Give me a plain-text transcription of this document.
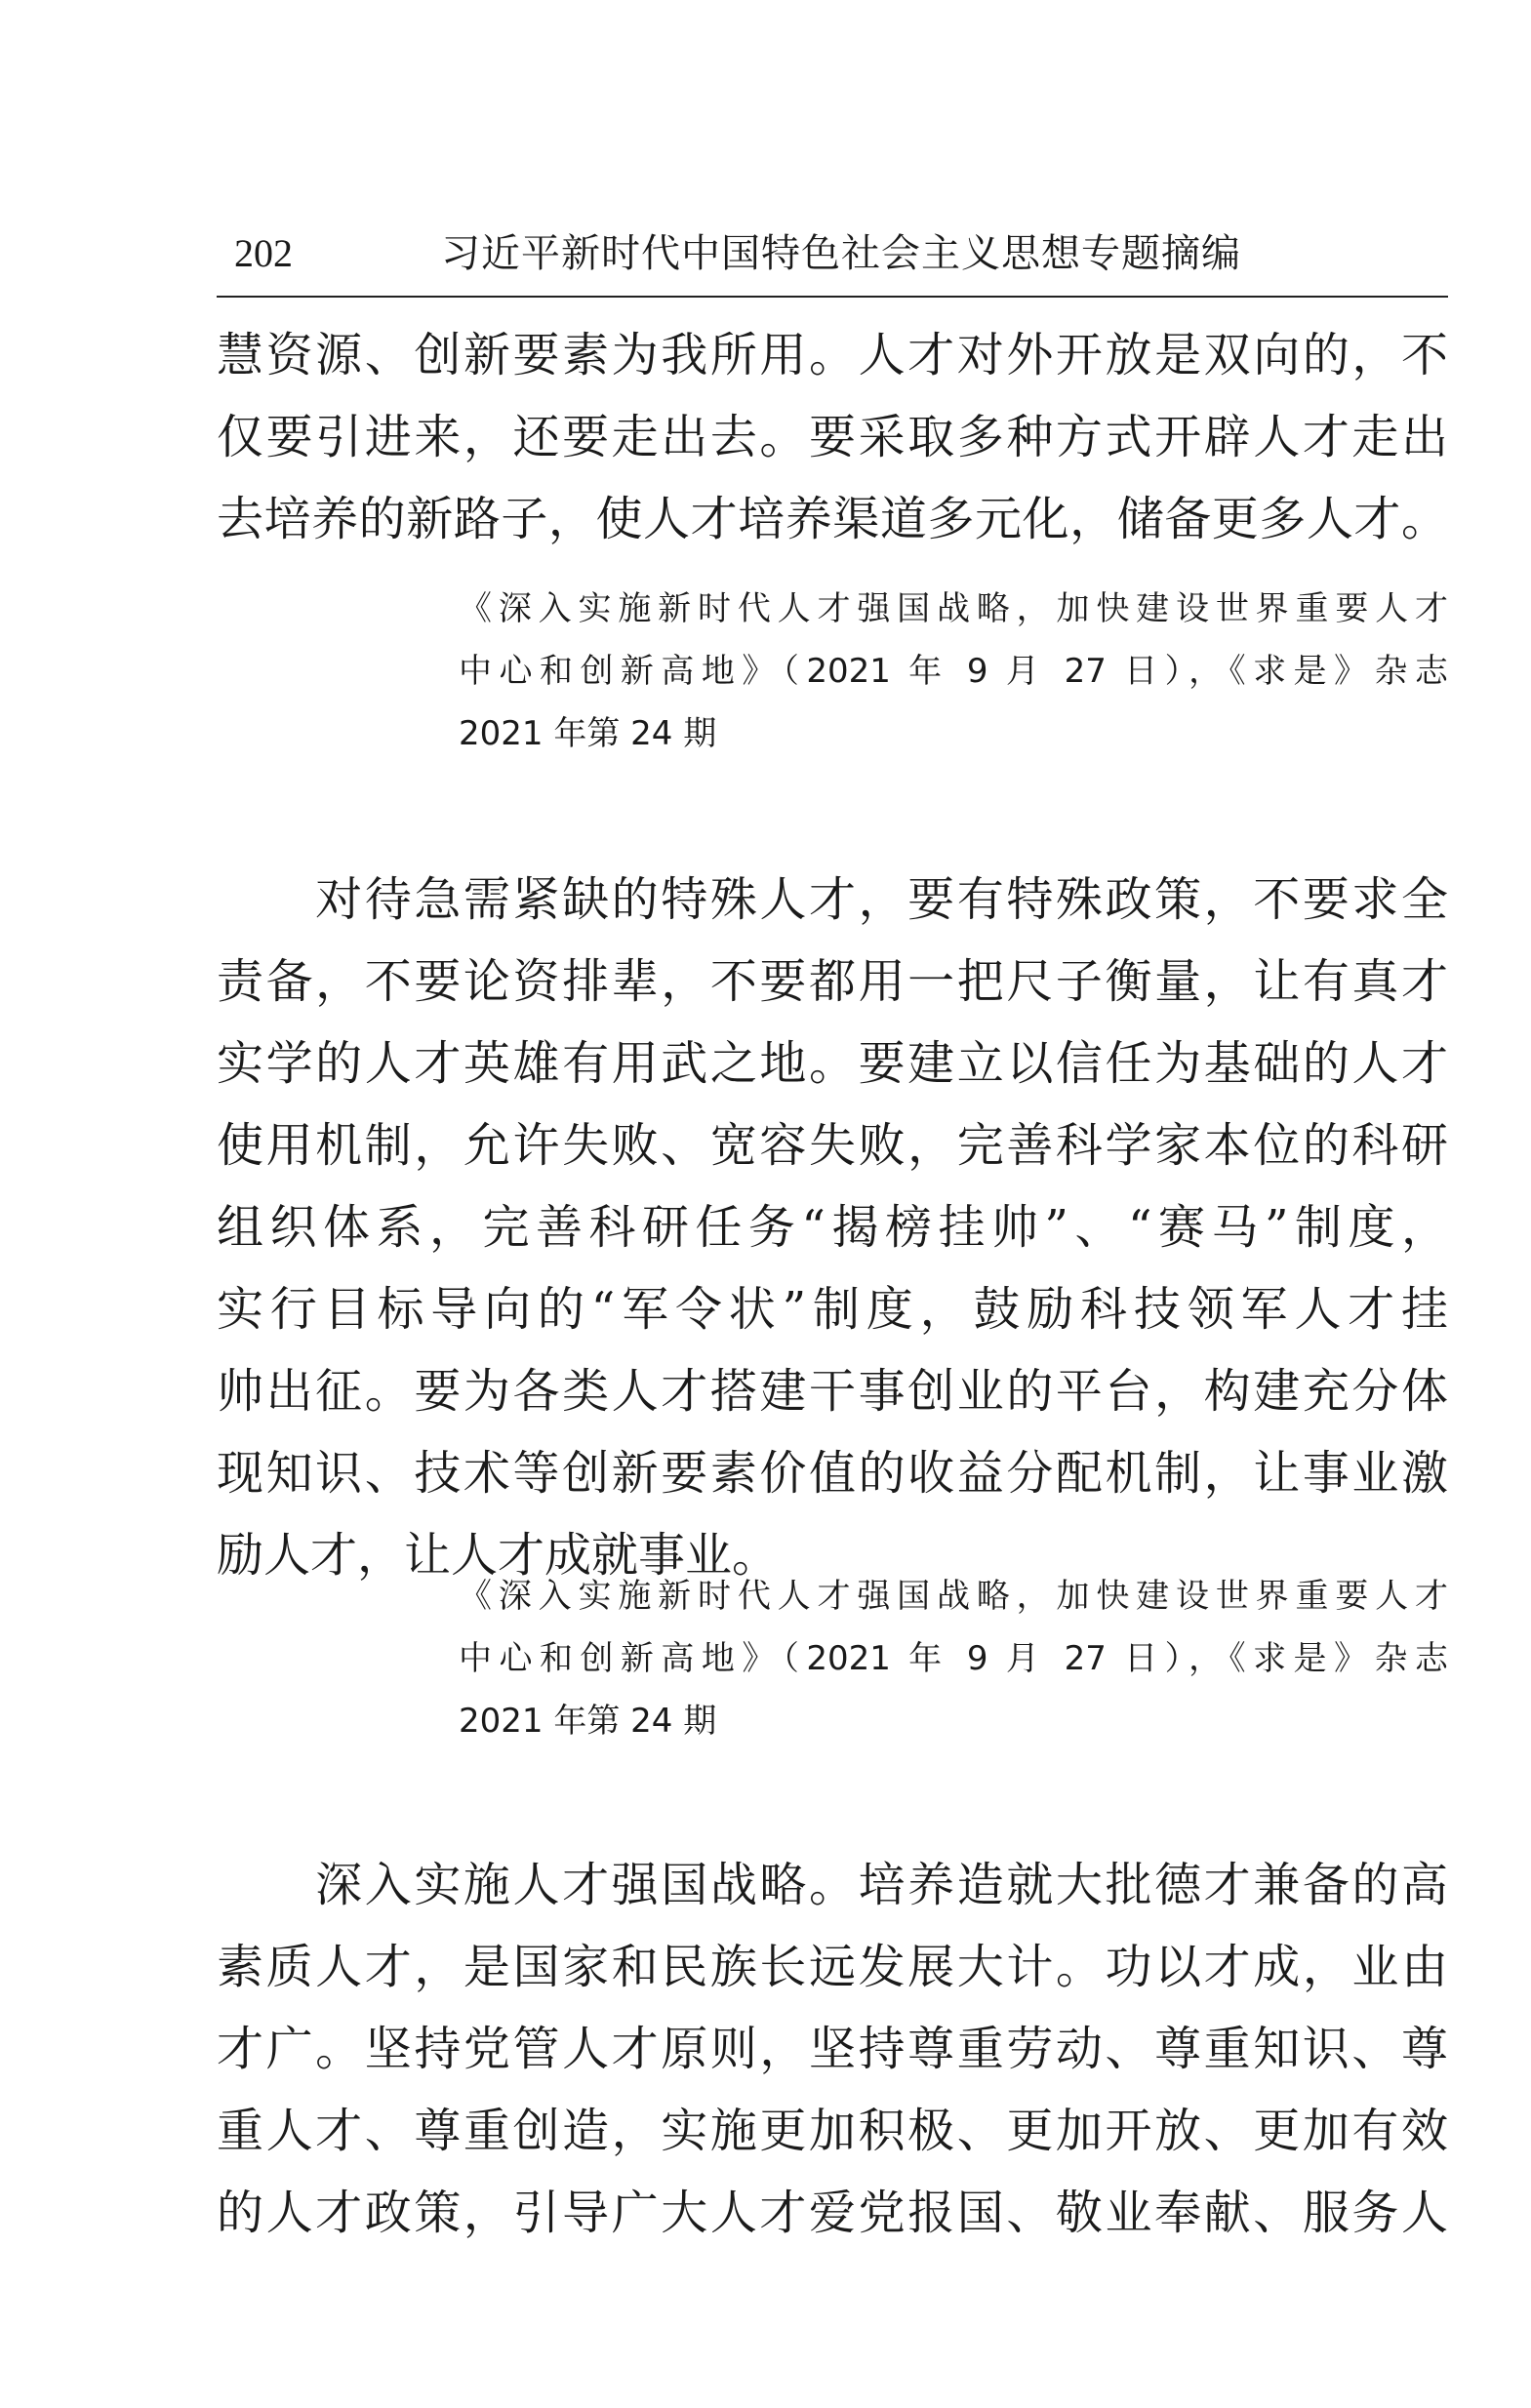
202	习近平新时代中国特色社会主义思想专题摘编
慧资源、创新要素为我所用。人才对外开放是双向的，不
仅要引进来，还要走出去。要采取多种方式开辟人才走出
去培养的新路子，使人才培养渠道多元化，储备更多人才。
《深入实施新时代人才强国战略，加快建设世界重要人才
中心和创新高地》（2021 年 9 月 27 日），《求是》杂志
2021 年第 24 期
　　对待急需紧缺的特殊人才，要有特殊政策，不要求全
责备，不要论资排辈，不要都用一把尺子衡量，让有真才
实学的人才英雄有用武之地。要建立以信任为基础的人才
使用机制，允许失败、宽容失败，完善科学家本位的科研
组织体系，完善科研任务“揭榜挂帅”、“赛马”制度，
实行目标导向的“军令状”制度，鼓励科技领军人才挂
帅出征。要为各类人才搭建干事创业的平台，构建充分体
现知识、技术等创新要素价值的收益分配机制，让事业激
励人才，让人才成就事业。
《深入实施新时代人才强国战略，加快建设世界重要人才
中心和创新高地》（2021 年 9 月 27 日），《求是》杂志
2021 年第 24 期
　　深入实施人才强国战略。培养造就大批德才兼备的高
素质人才，是国家和民族长远发展大计。功以才成，业由
才广。坚持党管人才原则，坚持尊重劳动、尊重知识、尊
重人才、尊重创造，实施更加积极、更加开放、更加有效
的人才政策，引导广大人才爱党报国、敬业奉献、服务人
